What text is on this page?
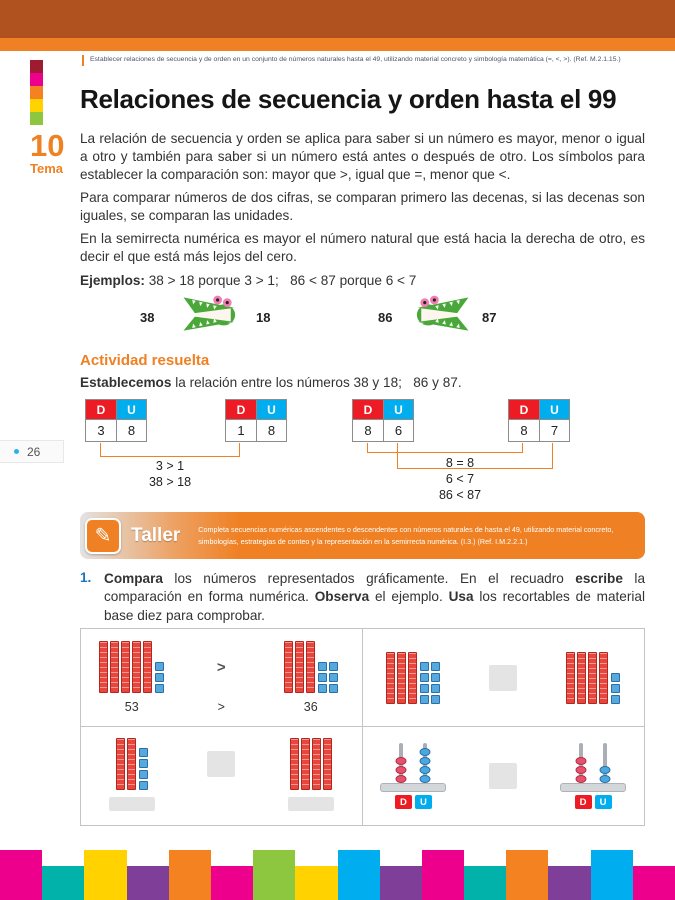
10
Tema
Establecer relaciones de secuencia y de orden en un conjunto de números naturales hasta el 49, utilizando material concreto y simbología matemática (=, <, >). (Ref. M.2.1.15.)
Relaciones de secuencia y orden hasta el 99

La relación de secuencia y orden se aplica para saber si un número es mayor, menor o igual a otro y también para saber si un número está antes o después de otro. Los símbolos para establecer la comparación son: mayor que >, igual que =, menor que <.

Para comparar números de dos cifras, se comparan primero las decenas, si las decenas son iguales, se comparan las unidades.

En la semirrecta numérica es mayor el número natural que está hacia la derecha de otro, es decir el que está más lejos del cero.

Ejemplos: 38 > 18 porque 3 > 1;   86 < 87 porque 6 < 7

38	18	86	87
Actividad resuelta
Establecemos la relación entre los números 38 y 18;   86 y 87.
D	U
3	8
D	U
1	8
D	U
8	6
D	U
8	7
3 > 1
38 > 18
8 = 8
6 < 7
86 < 87
26
✎	Taller	Completa secuencias numéricas ascendentes o descendentes con números naturales de hasta el 49, utilizando material concreto, simbologías, estrategias de conteo y la representación en la semirrecta numérica. (I.3.) (Ref. I.M.2.2.1.)
1. Compara los números representados gráficamente. En el recuadro escribe la comparación en forma numérica. Observa el ejemplo. Usa los recortables de material base diez para comprobar.
>
53	>	36
D	U	D	U
